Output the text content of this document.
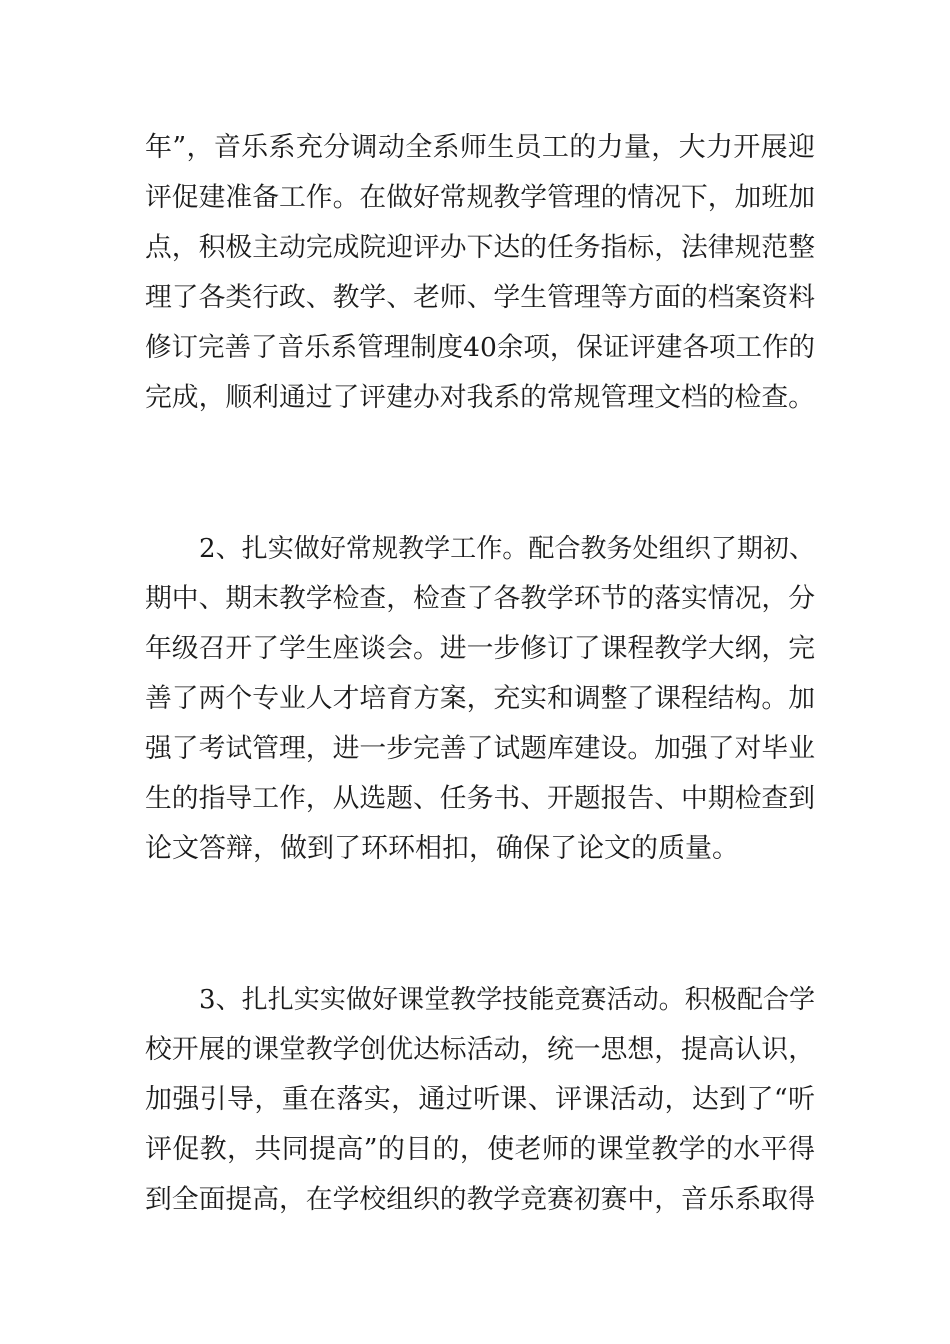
年”，音乐系充分调动全系师生员工的力量，大力开展迎
评促建准备工作。在做好常规教学管理的情况下，加班加
点，积极主动完成院迎评办下达的任务指标，法律规范整
理了各类行政、教学、老师、学生管理等方面的档案资料
修订完善了音乐系管理制度40余项，保证评建各项工作的
完成，顺利通过了评建办对我系的常规管理文档的检查。
2、扎实做好常规教学工作。配合教务处组织了期初、
期中、期末教学检查，检查了各教学环节的落实情况，分
年级召开了学生座谈会。进一步修订了课程教学大纲，完
善了两个专业人才培育方案，充实和调整了课程结构。加
强了考试管理，进一步完善了试题库建设。加强了对毕业
生的指导工作，从选题、任务书、开题报告、中期检查到
论文答辩，做到了环环相扣，确保了论文的质量。
3、扎扎实实做好课堂教学技能竞赛活动。积极配合学
校开展的课堂教学创优达标活动，统一思想，提高认识，
加强引导，重在落实，通过听课、评课活动，达到了“听
评促教，共同提高”的目的，使老师的课堂教学的水平得
到全面提高，在学校组织的教学竞赛初赛中，音乐系取得
